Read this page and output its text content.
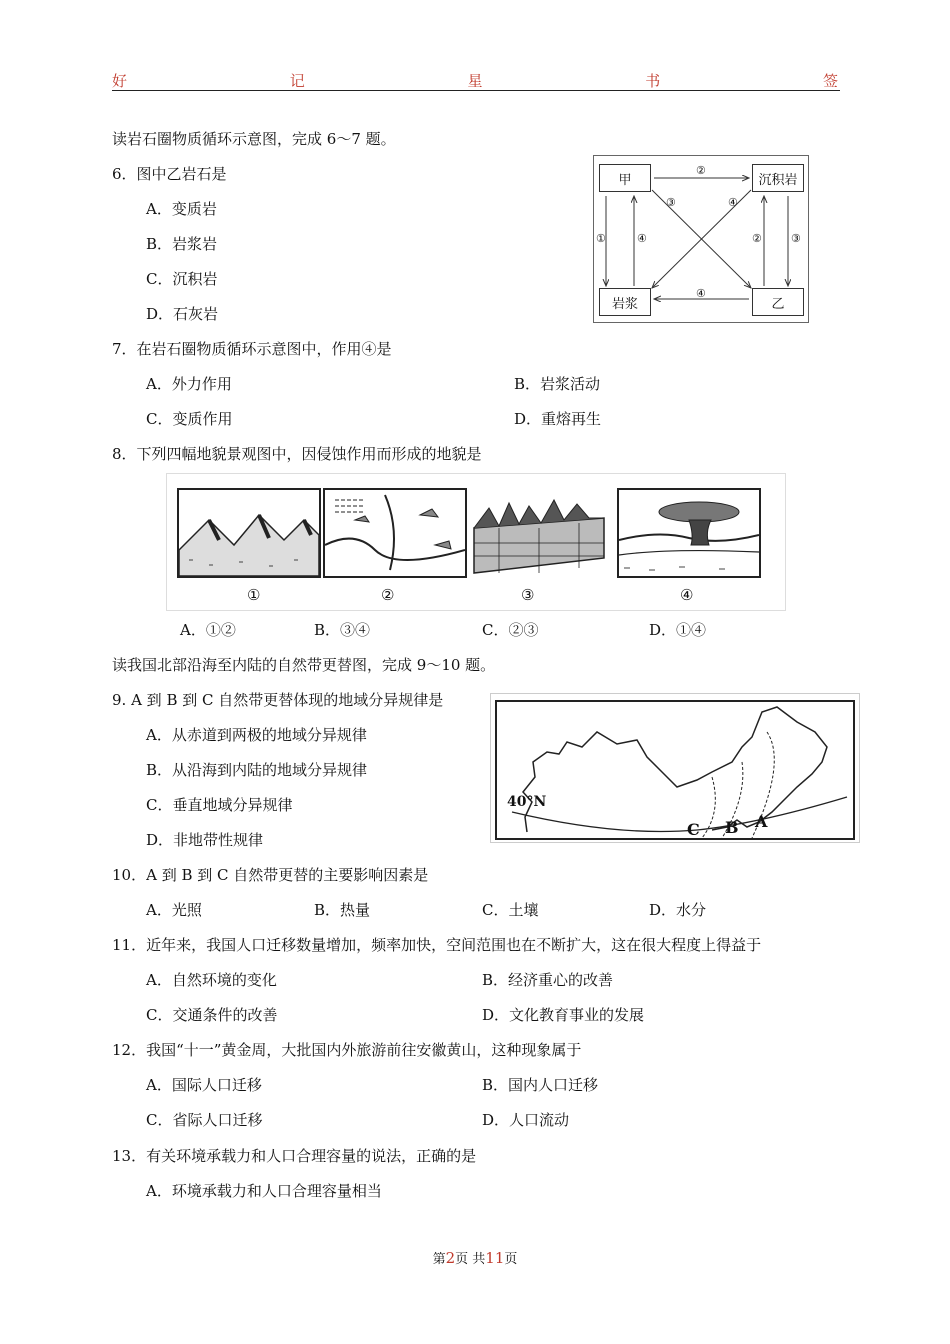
好	记	星	书	签
读岩石圈物质循环示意图，完成 6～7 题。
6．图中乙岩石是
A．变质岩
B．岩浆岩
C．沉积岩
D．石灰岩
甲	沉积岩
岩浆	乙
②
③	④
①	④	②	③
④
7．在岩石圈物质循环示意图中，作用④是
A．外力作用	B．岩浆活动
C．变质作用	D．重熔再生
8．下列四幅地貌景观图中，因侵蚀作用而形成的地貌是
①	②	③	④
A．①②	B．③④	C．②③	D．①④
读我国北部沿海至内陆的自然带更替图，完成 9～10 题。
9. A 到 B 到 C 自然带更替体现的地域分异规律是
A．从赤道到两极的地域分异规律
B．从沿海到内陆的地域分异规律
C．垂直地域分异规律
D．非地带性规律
40°N
C B A
10．A 到 B 到 C 自然带更替的主要影响因素是
A．光照	B．热量	C．土壤	D．水分
11．近年来，我国人口迁移数量增加，频率加快，空间范围也在不断扩大，这在很大程度上得益于
A．自然环境的变化	B．经济重心的改善
C．交通条件的改善	D．文化教育事业的发展
12．我国“十一”黄金周，大批国内外旅游前往安徽黄山，这种现象属于
A．国际人口迁移	B．国内人口迁移
C．省际人口迁移	D．人口流动
13．有关环境承载力和人口合理容量的说法，正确的是
A．环境承载力和人口合理容量相当
第2页 共11页
